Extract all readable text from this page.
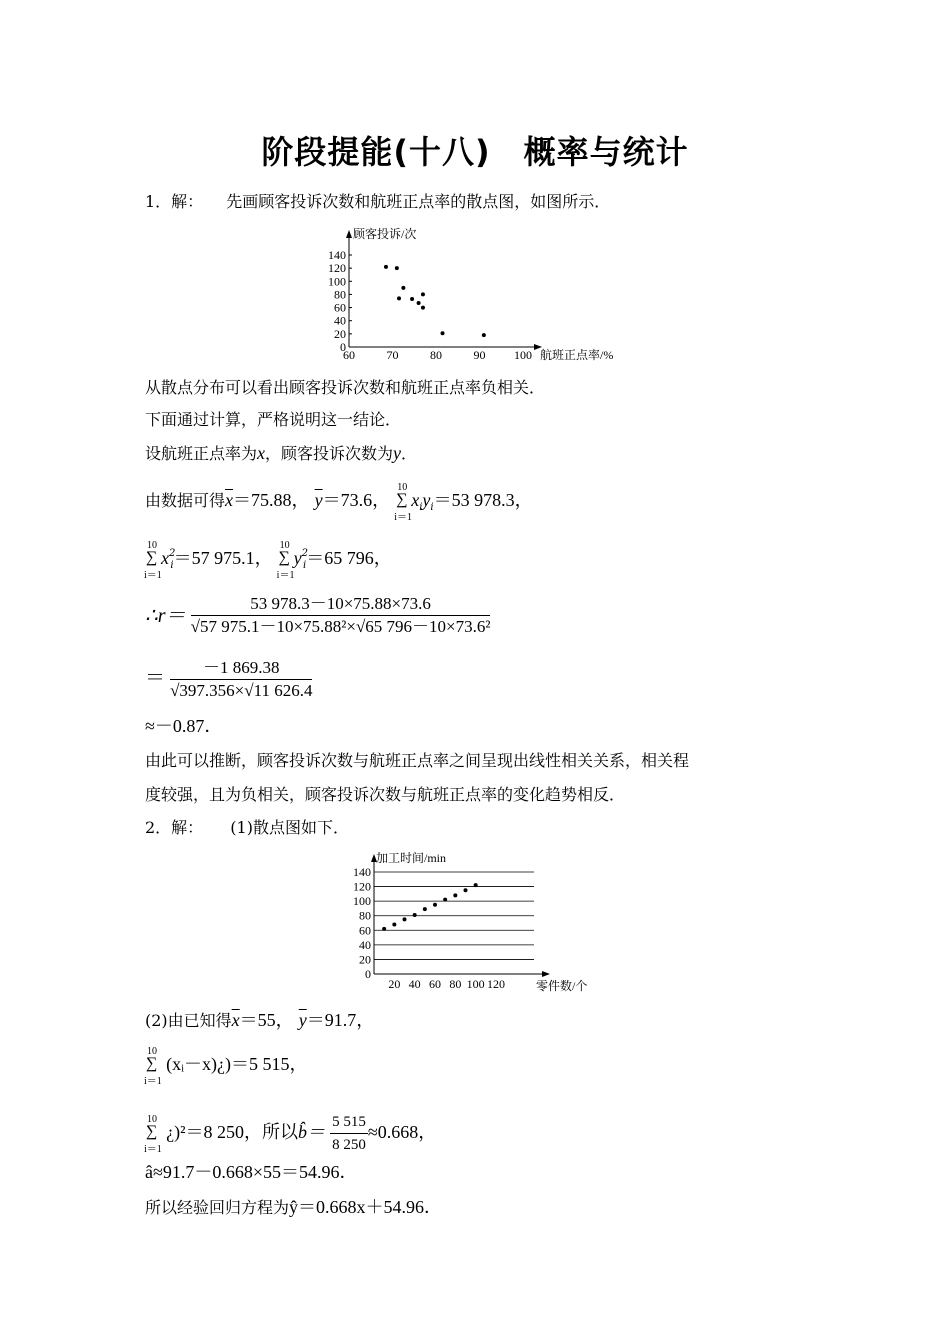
阶段提能(十八)　概率与统计
1．解： 先画顾客投诉次数和航班正点率的散点图，如图所示．
0
20
40
60
80
100
120
140
60	70	80	90 100
顾客投诉/次
航班正点率/%
从散点分布可以看出顾客投诉次数和航班正点率负相关．
下面通过计算，严格说明这一结论．
设航班正点率为x，顾客投诉次数为y．
由数据可得$\overline{x}=75.88$， $\overline{y}=73.6$，
10
∑
i＝1
$x_iy_i=53$ 978.3，
10
∑
i＝1
$x^2_i=57$ 975.1，
10
∑
i＝1
$y^2_i=65$ 796，
∴r＝ $\frac{53 978.3-10\times 75.88\times 73.6}{\text{√57 975.1－10×75.88²×√65 796－10×73.6²}}$
＝ $\frac{-1 869.38}{√397.356\times√11 626.4}$
≈－0.87．
由此可以推断，顾客投诉次数与航班正点率之间呈现出线性相关关系，相关程
度较强，且为负相关，顾客投诉次数与航班正点率的变化趋势相反．
2．解： (1)散点图如下．
0
20
40
60
80
100
120
140
20 40 60 80 100 120
加工时间/min
零件数/个
(2)由已知得$\overline{x}=55$， $\overline{y}=91.7$，
10
∑
i＝1
(xᵢ－x)¿)＝5 515，
10
∑
i＝1
¿)²＝8 250，所以b̂＝ $\frac{5 515}{8 250} \approx 0.668$，
â≈91.7－0.668×55＝54.96．
所以经验回归方程为ŷ＝0.668x＋54.96．
